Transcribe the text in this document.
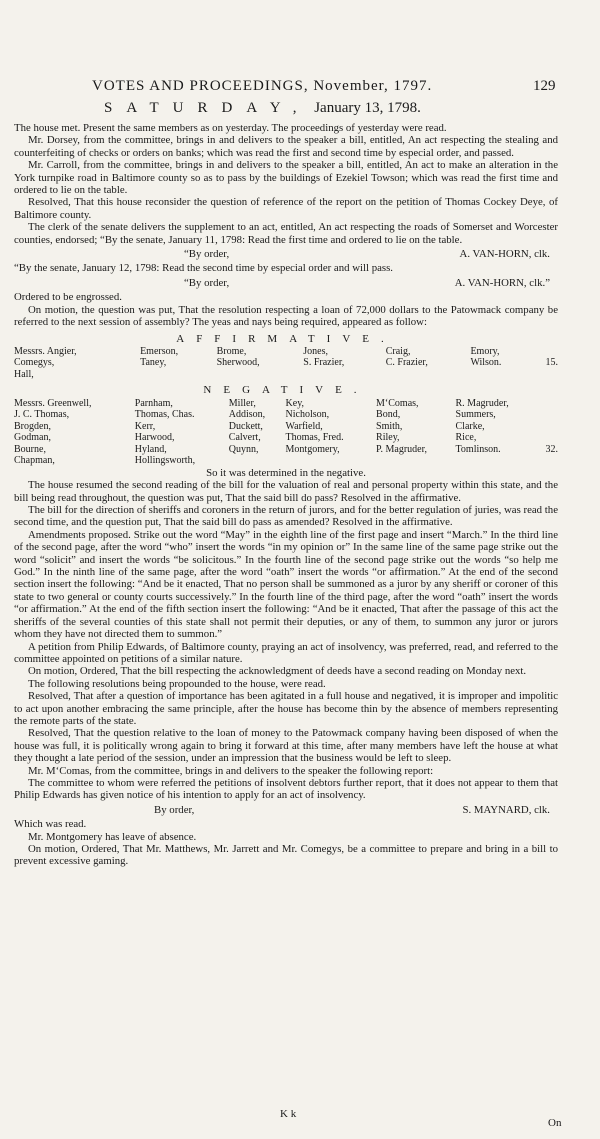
VOTES AND PROCEEDINGS, November, 1797.	129
SATURDAY, January 13, 1798.

The house met. Present the same members as on yesterday. The proceedings of yesterday were read.

Mr. Dorsey, from the committee, brings in and delivers to the speaker a bill, entitled, An act respecting the stealing and counterfeiting of checks or orders on banks; which was read the first and second time by especial order, and passed.

Mr. Carroll, from the committee, brings in and delivers to the speaker a bill, entitled, An act to make an alteration in the York turnpike road in Baltimore county so as to pass by the buildings of Ezekiel Towson; which was read the first time and ordered to lie on the table.

Resolved, That this house reconsider the question of reference of the report on the petition of Thomas Cockey Deye, of Baltimore county.

The clerk of the senate delivers the supplement to an act, entitled, An act respecting the roads of Somerset and Worcester counties, endorsed; “By the senate, January 11, 1798: Read the first time and ordered to lie on the table.

“By order,	A. VAN-HORN, clk.

“By the senate, January 12, 1798: Read the second time by especial order and will pass.

“By order,	A. VAN-HORN, clk.”

Ordered to be engrossed.

On motion, the question was put, That the resolution respecting a loan of 72,000 dollars to the Patowmack company be referred to the next session of assembly? The yeas and nays being required, appeared as follow:

AFFIRMATIVE.
Messrs. Angier,	Emerson,	Brome,	Jones,	Craig,	Emory,	
Comegys,	Taney,	Sherwood,	S. Frazier,	C. Frazier,	Wilson.	15.
Hall,						
NEGATIVE.
Messrs. Greenwell,	Parnham,	Miller,	Key,	M‘Comas,	R. Magruder,	
J. C. Thomas,	Thomas, Chas.	Addison,	Nicholson,	Bond,	Summers,	
Brogden,	Kerr,	Duckett,	Warfield,	Smith,	Clarke,	
Godman,	Harwood,	Calvert,	Thomas, Fred.	Riley,	Rice,	
Bourne,	Hyland,	Quynn,	Montgomery,	P. Magruder,	Tomlinson.	32.
Chapman,	Hollingsworth,					

So it was determined in the negative.

The house resumed the second reading of the bill for the valuation of real and personal property within this state, and the bill being read throughout, the question was put, That the said bill do pass? Resolved in the affirmative.

The bill for the direction of sheriffs and coroners in the return of jurors, and for the better regulation of juries, was read the second time, and the question put, That the said bill do pass as amended? Resolved in the affirmative.

Amendments proposed. Strike out the word “May” in the eighth line of the first page and insert “March.” In the third line of the second page, after the word “who” insert the words “in my opinion or” In the same line of the same page strike out the word “solicit” and insert the words “be solicitous.” In the fourth line of the second page strike out the words “so help me God.” In the ninth line of the same page, after the word “oath” insert the words “or affirmation.” At the end of the second section insert the following: “And be it enacted, That no person shall be summoned as a juror by any sheriff or coroner of this state to two general or county courts successively.” In the fourth line of the third page, after the word “oath” insert the words “or affirmation.” At the end of the fifth section insert the following: “And be it enacted, That after the passage of this act the sheriffs of the several counties of this state shall not permit their deputies, or any of them, to summon any juror or jurors whom they have not directed them to summon.”

A petition from Philip Edwards, of Baltimore county, praying an act of insolvency, was preferred, read, and referred to the committee appointed on petitions of a similar nature.

On motion, Ordered, That the bill respecting the acknowledgment of deeds have a second reading on Monday next.

The following resolutions being propounded to the house, were read.

Resolved, That after a question of importance has been agitated in a full house and negatived, it is improper and impolitic to act upon another embracing the same principle, after the house has become thin by the absence of members representing the remote parts of the state.

Resolved, That the question relative to the loan of money to the Patowmack company having been disposed of when the house was full, it is politically wrong again to bring it forward at this time, after many members have left the house at what they thought a late period of the session, under an impression that the business would be left to sleep.

Mr. M‘Comas, from the committee, brings in and delivers to the speaker the following report:

The committee to whom were referred the petitions of insolvent debtors further report, that it does not appear to them that Philip Edwards has given notice of his intention to apply for an act of insolvency.

By order,	S. MAYNARD, clk.

Which was read.

Mr. Montgomery has leave of absence.

On motion, Ordered, That Mr. Matthews, Mr. Jarrett and Mr. Comegys, be a committee to prepare and bring in a bill to prevent excessive gaming.

K k
On
